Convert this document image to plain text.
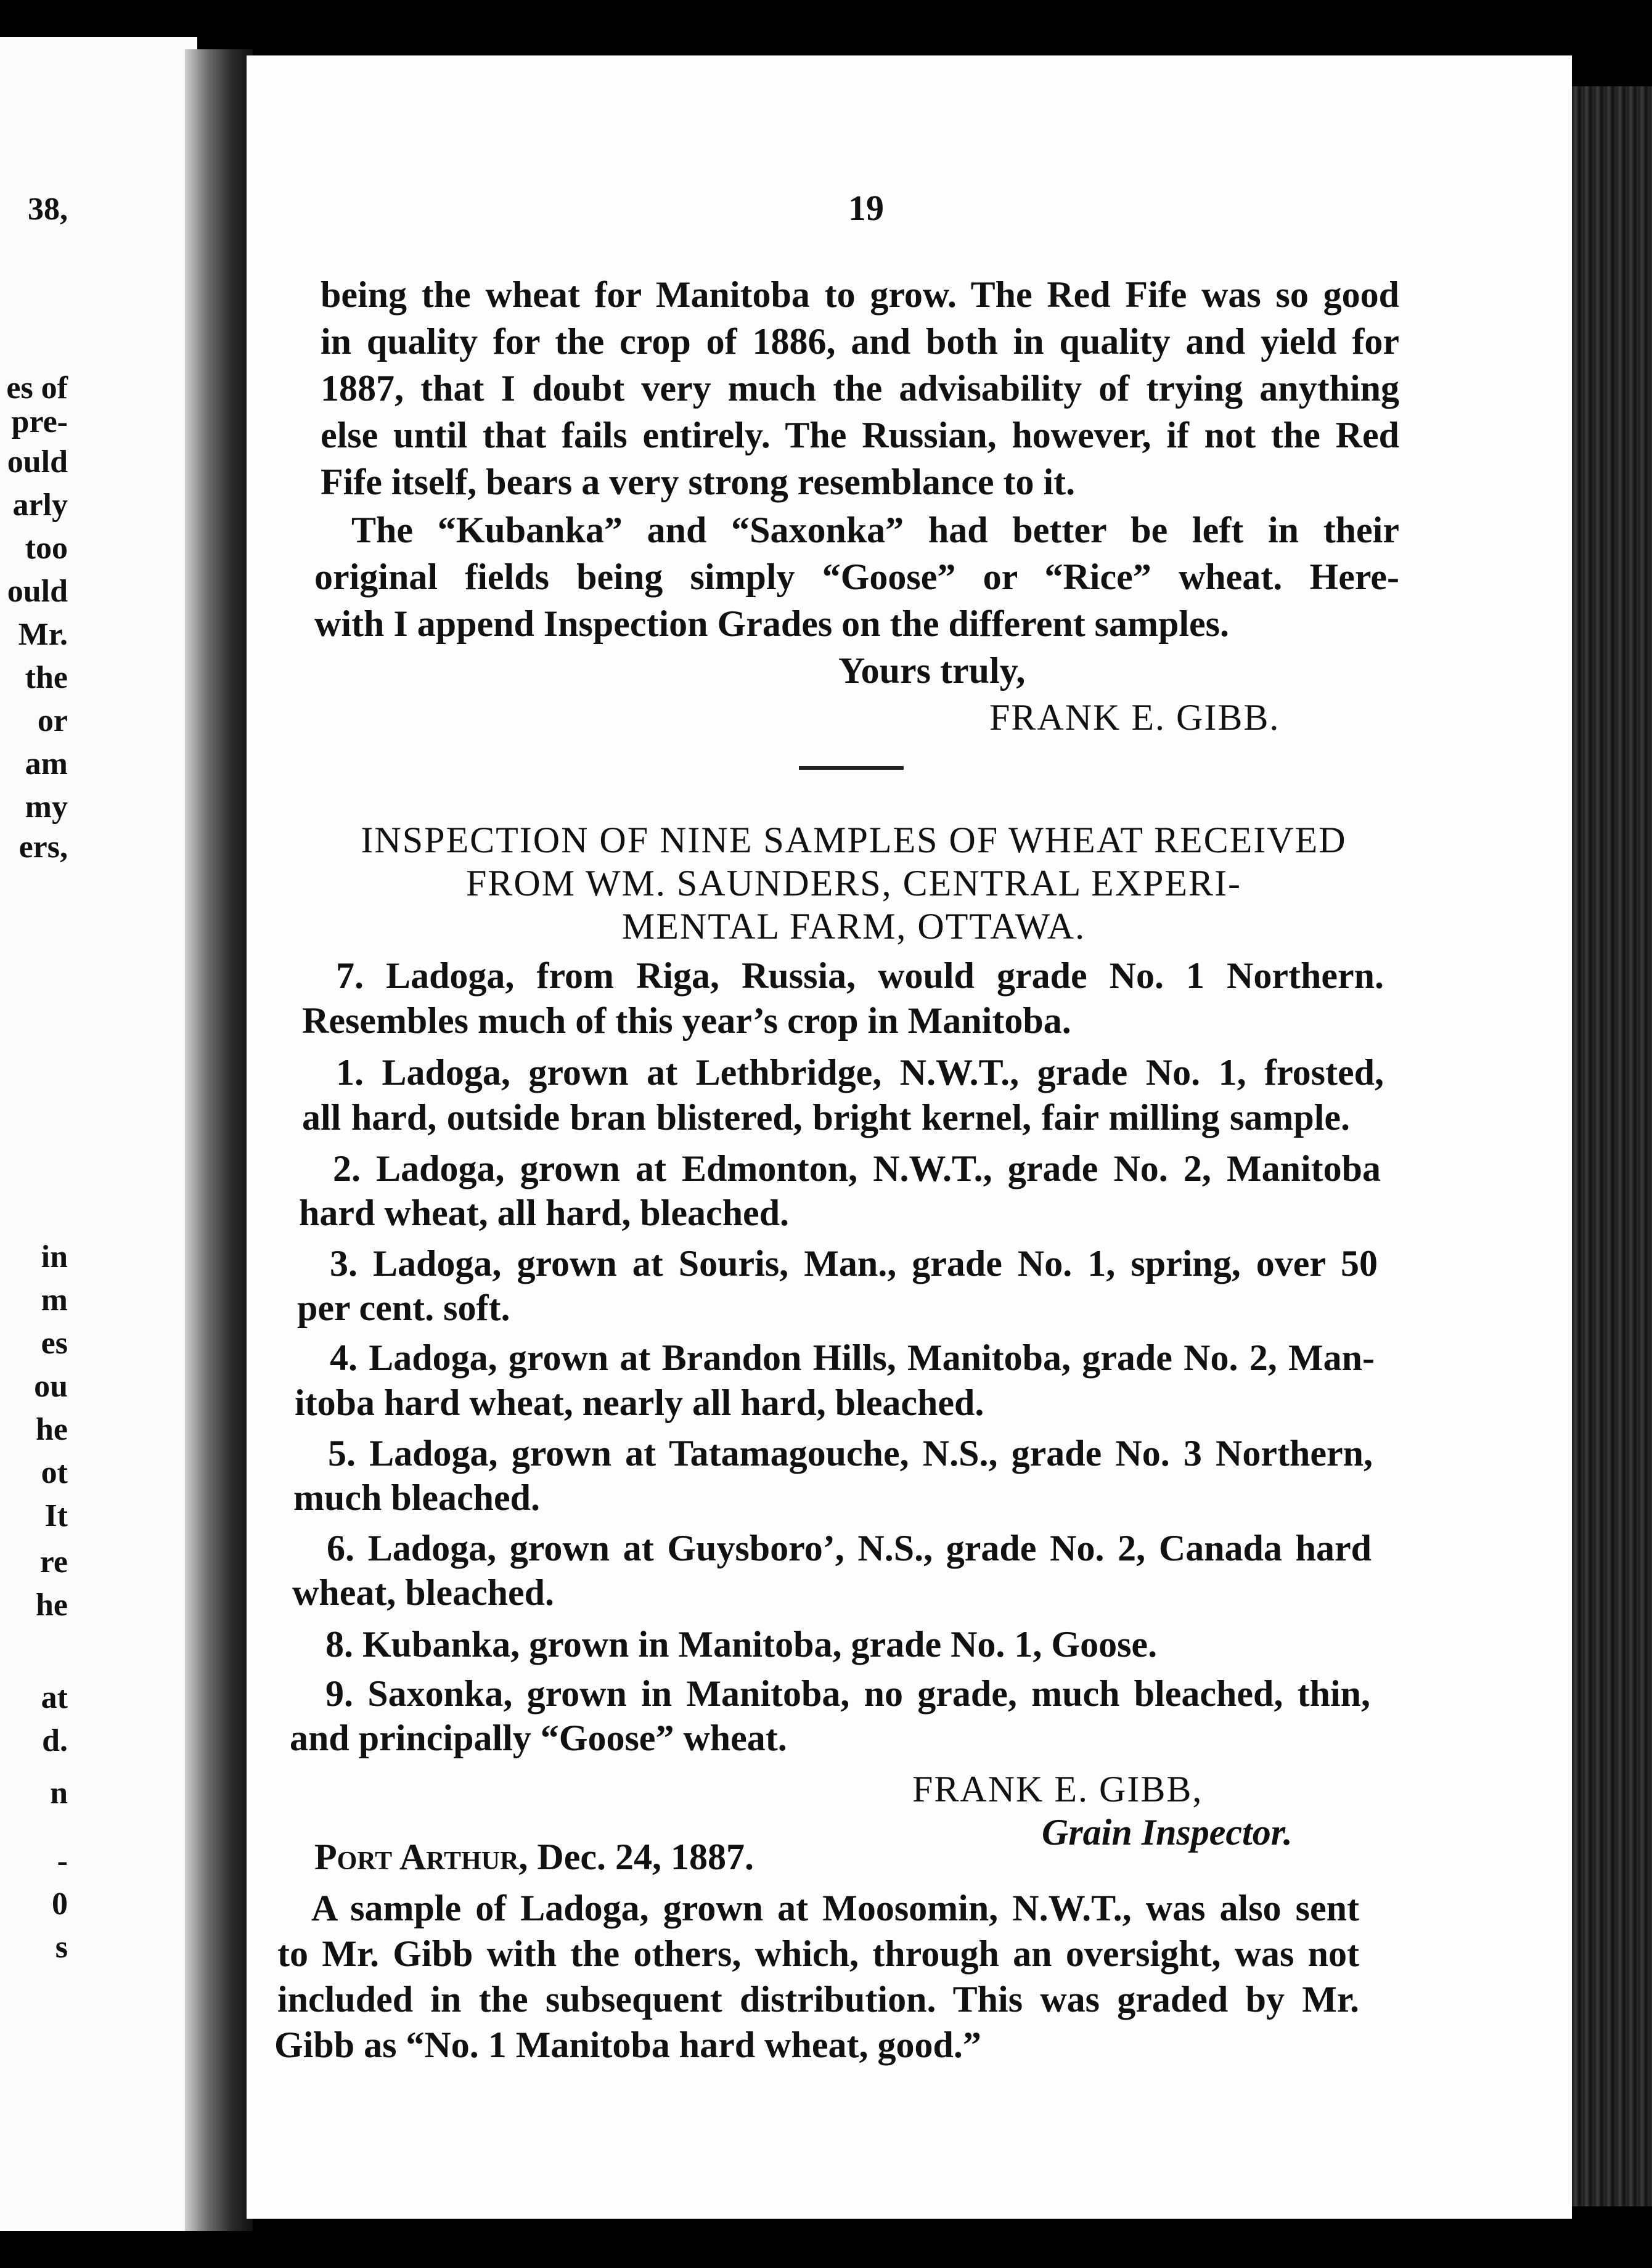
38,
es of
pre-
ould
arly
too
ould
Mr.
the
or
am
my
ers,
in
m
es
ou
he
ot
It
re
he
at
d.
n
-
0
s
19
being the wheat for Manitoba to grow. The Red Fife was so good
in quality for the crop of 1886, and both in quality and yield for
1887, that I doubt very much the advisability of trying anything
else until that fails entirely. The Russian, however, if not the Red
Fife itself, bears a very strong resemblance to it.
The “Kubanka” and “Saxonka” had better be left in their
original fields being simply “Goose” or “Rice” wheat. Here-
with I append Inspection Grades on the different samples.
Yours truly,
FRANK E. GIBB.
INSPECTION OF NINE SAMPLES OF WHEAT RECEIVED
FROM WM. SAUNDERS, CENTRAL EXPERI-
MENTAL FARM, OTTAWA.
7. Ladoga, from Riga, Russia, would grade No. 1 Northern.
Resembles much of this year’s crop in Manitoba.
1. Ladoga, grown at Lethbridge, N.W.T., grade No. 1, frosted,
all hard, outside bran blistered, bright kernel, fair milling sample.
2. Ladoga, grown at Edmonton, N.W.T., grade No. 2, Manitoba
hard wheat, all hard, bleached.
3. Ladoga, grown at Souris, Man., grade No. 1, spring, over 50
per cent. soft.
4. Ladoga, grown at Brandon Hills, Manitoba, grade No. 2, Man-
itoba hard wheat, nearly all hard, bleached.
5. Ladoga, grown at Tatamagouche, N.S., grade No. 3 Northern,
much bleached.
6. Ladoga, grown at Guysboro’, N.S., grade No. 2, Canada hard
wheat, bleached.
8. Kubanka, grown in Manitoba, grade No. 1, Goose.
9. Saxonka, grown in Manitoba, no grade, much bleached, thin,
and principally “Goose” wheat.
FRANK E. GIBB,
Grain Inspector.
Port Arthur, Dec. 24, 1887.
A sample of Ladoga, grown at Moosomin, N.W.T., was also sent
to Mr. Gibb with the others, which, through an oversight, was not
included in the subsequent distribution. This was graded by Mr.
Gibb as “No. 1 Manitoba hard wheat, good.”
